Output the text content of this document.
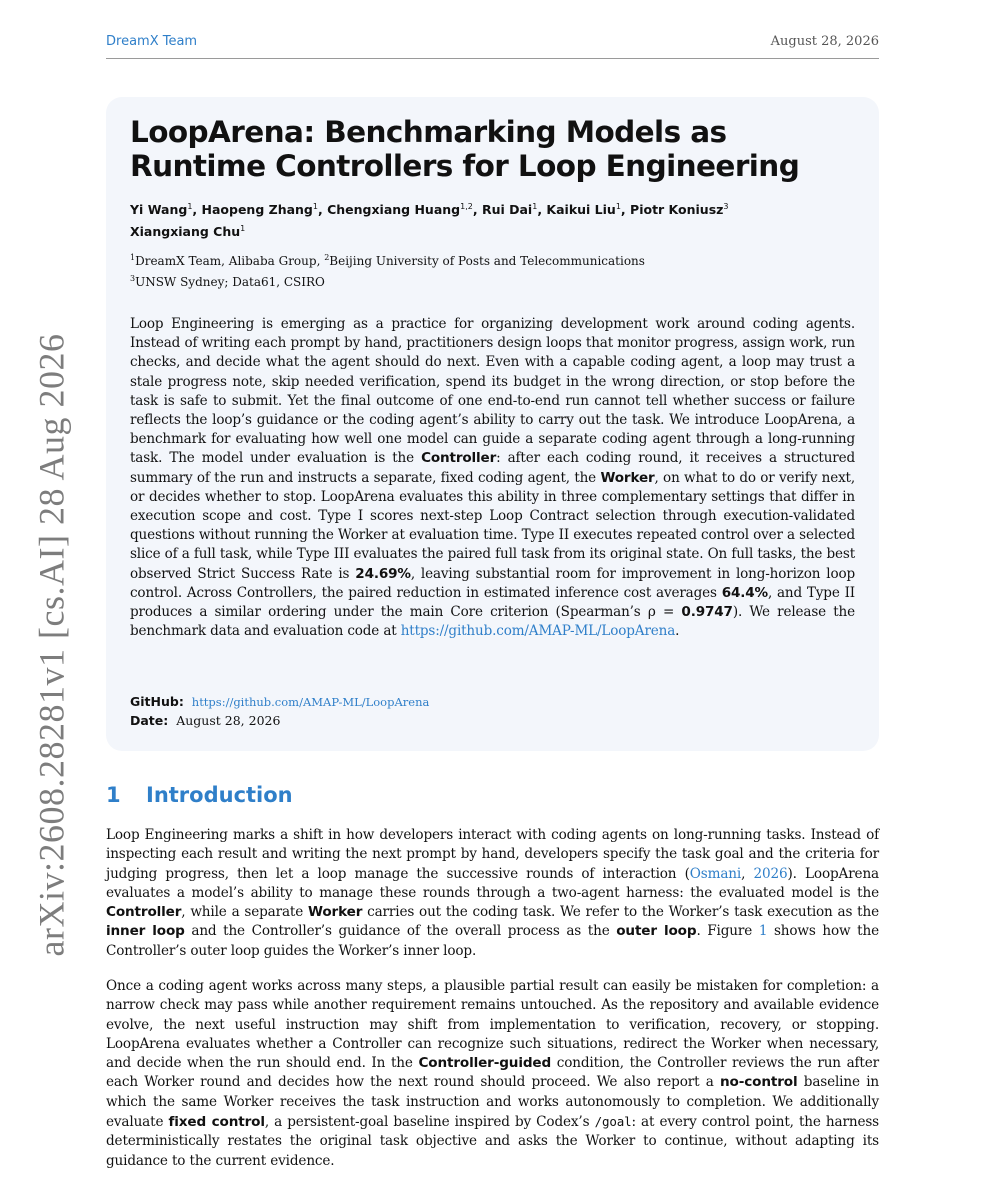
DreamX Team	August 28, 2026
arXiv:2608.28281v1 [cs.AI] 28 Aug 2026
LoopArena: Benchmarking Models as Runtime Controllers for Loop Engineering
Yi Wang$^1$, Haopeng Zhang$^1$, Chengxiang Huang$^{1,2}$, Rui Dai$^1$, Kaikui Liu$^1$, Piotr Koniusz$^3$
Xiangxiang Chu$^1$
$^1$DreamX Team, Alibaba Group, $^2$Beijing University of Posts and Telecommunications
$^3$UNSW Sydney; Data61, CSIRO

Loop Engineering is emerging as a practice for organizing development work around coding agents. Instead of writing each prompt by hand, practitioners design loops that monitor progress, assign work, run checks, and decide what the agent should do next. Even with a capable coding agent, a loop may trust a stale progress note, skip needed verification, spend its budget in the wrong direction, or stop before the task is safe to submit. Yet the final outcome of one end-to-end run cannot tell whether success or failure reflects the loop’s guidance or the coding agent’s ability to carry out the task. We introduce LoopArena, a benchmark for evaluating how well one model can guide a separate coding agent through a long-running task. The model under evaluation is the Controller: after each coding round, it receives a structured summary of the run and instructs a separate, fixed coding agent, the Worker, on what to do or verify next, or decides whether to stop. LoopArena evaluates this ability in three complementary settings that differ in execution scope and cost. Type I scores next-step Loop Contract selection through execution-validated questions without running the Worker at evaluation time. Type II executes repeated control over a selected slice of a full task, while Type III evaluates the paired full task from its original state. On full tasks, the best observed Strict Success Rate is 24.69%, leaving substantial room for improvement in long-horizon loop control. Across Controllers, the paired reduction in estimated inference cost averages 64.4%, and Type II produces a similar ordering under the main Core criterion (Spearman’s ρ = 0.9747). We release the benchmark data and evaluation code at https://github.com/AMAP-ML/LoopArena.

GitHub: https://github.com/AMAP-ML/LoopArena
Date: August 28, 2026
1 Introduction

Loop Engineering marks a shift in how developers interact with coding agents on long-running tasks. Instead of inspecting each result and writing the next prompt by hand, developers specify the task goal and the criteria for judging progress, then let a loop manage the successive rounds of interaction (Osmani, 2026). LoopArena evaluates a model’s ability to manage these rounds through a two-agent harness: the evaluated model is the Controller, while a separate Worker carries out the coding task. We refer to the Worker’s task execution as the inner loop and the Controller’s guidance of the overall process as the outer loop. Figure 1 shows how the Controller’s outer loop guides the Worker’s inner loop.

Once a coding agent works across many steps, a plausible partial result can easily be mistaken for completion: a narrow check may pass while another requirement remains untouched. As the repository and available evidence evolve, the next useful instruction may shift from implementation to verification, recovery, or stopping. LoopArena evaluates whether a Controller can recognize such situations, redirect the Worker when necessary, and decide when the run should end. In the Controller-guided condition, the Controller reviews the run after each Worker round and decides how the next round should proceed. We also report a no-control baseline in which the same Worker receives the task instruction and works autonomously to completion. We additionally evaluate fixed control, a persistent-goal baseline inspired by Codex’s /goal: at every control point, the harness deterministically restates the original task objective and asks the Worker to continue, without adapting its guidance to the current evidence.
